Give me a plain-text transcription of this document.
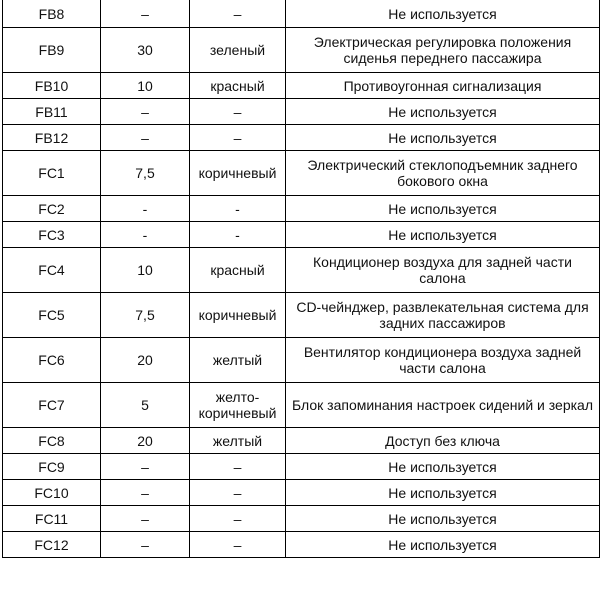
FB8	–	–	Не используется
FB9	30	зеленый	Электрическая регулировка положения сиденья переднего пассажира
FB10	10	красный	Противоугонная сигнализация
FB11	–	–	Не используется
FB12	–	–	Не используется
FC1	7,5	коричневый	Электрический стеклоподъемник заднего бокового окна
FC2	-	-	Не используется
FC3	-	-	Не используется
FC4	10	красный	Кондиционер воздуха для задней части салона
FC5	7,5	коричневый	CD-чейнджер, развлекательная система для задних пассажиров
FC6	20	желтый	Вентилятор кондиционера воздуха задней части салона
FC7	5	желто-коричневый	Блок запоминания настроек сидений и зеркал
FC8	20	желтый	Доступ без ключа
FC9	–	–	Не используется
FC10	–	–	Не используется
FC11	–	–	Не используется
FC12	–	–	Не используется
